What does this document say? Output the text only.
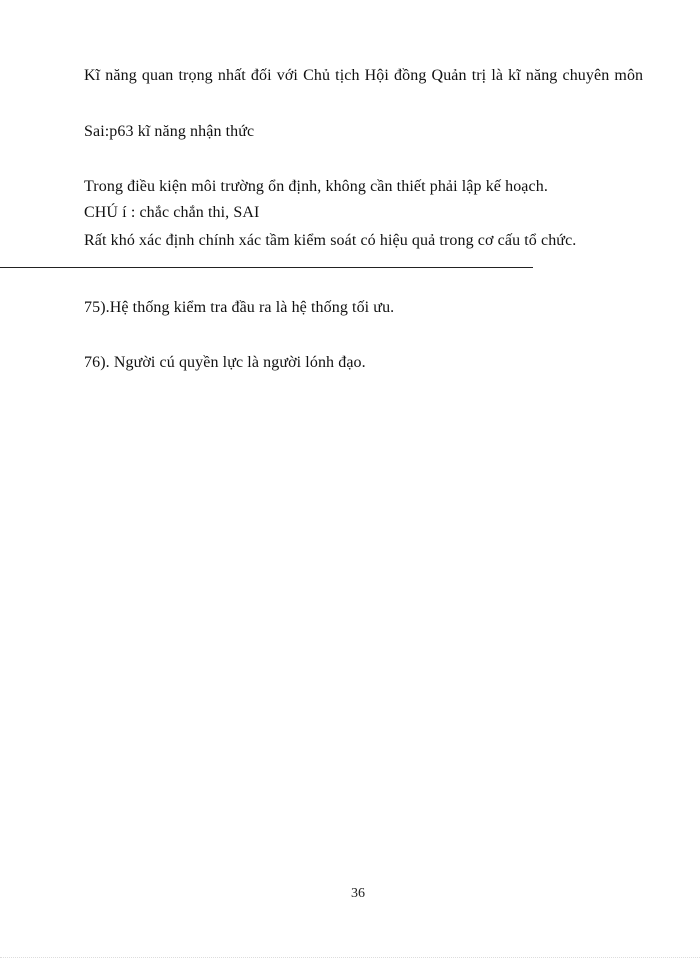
Kĩ năng quan trọng nhất đối với Chủ tịch Hội đồng Quản trị là kĩ năng chuyên môn
Sai:p63 kĩ năng nhận thức
Trong điều kiện môi trường ổn định, không cần thiết phải lập kế hoạch.
CHÚ í : chắc chắn thi, SAI
Rất khó xác định chính xác tầm kiểm soát có hiệu quả trong cơ cấu tổ chức.
75).Hệ thống kiểm tra đầu ra là hệ thống tối ưu.
76). Người cú quyền lực là người lónh đạo.
36
